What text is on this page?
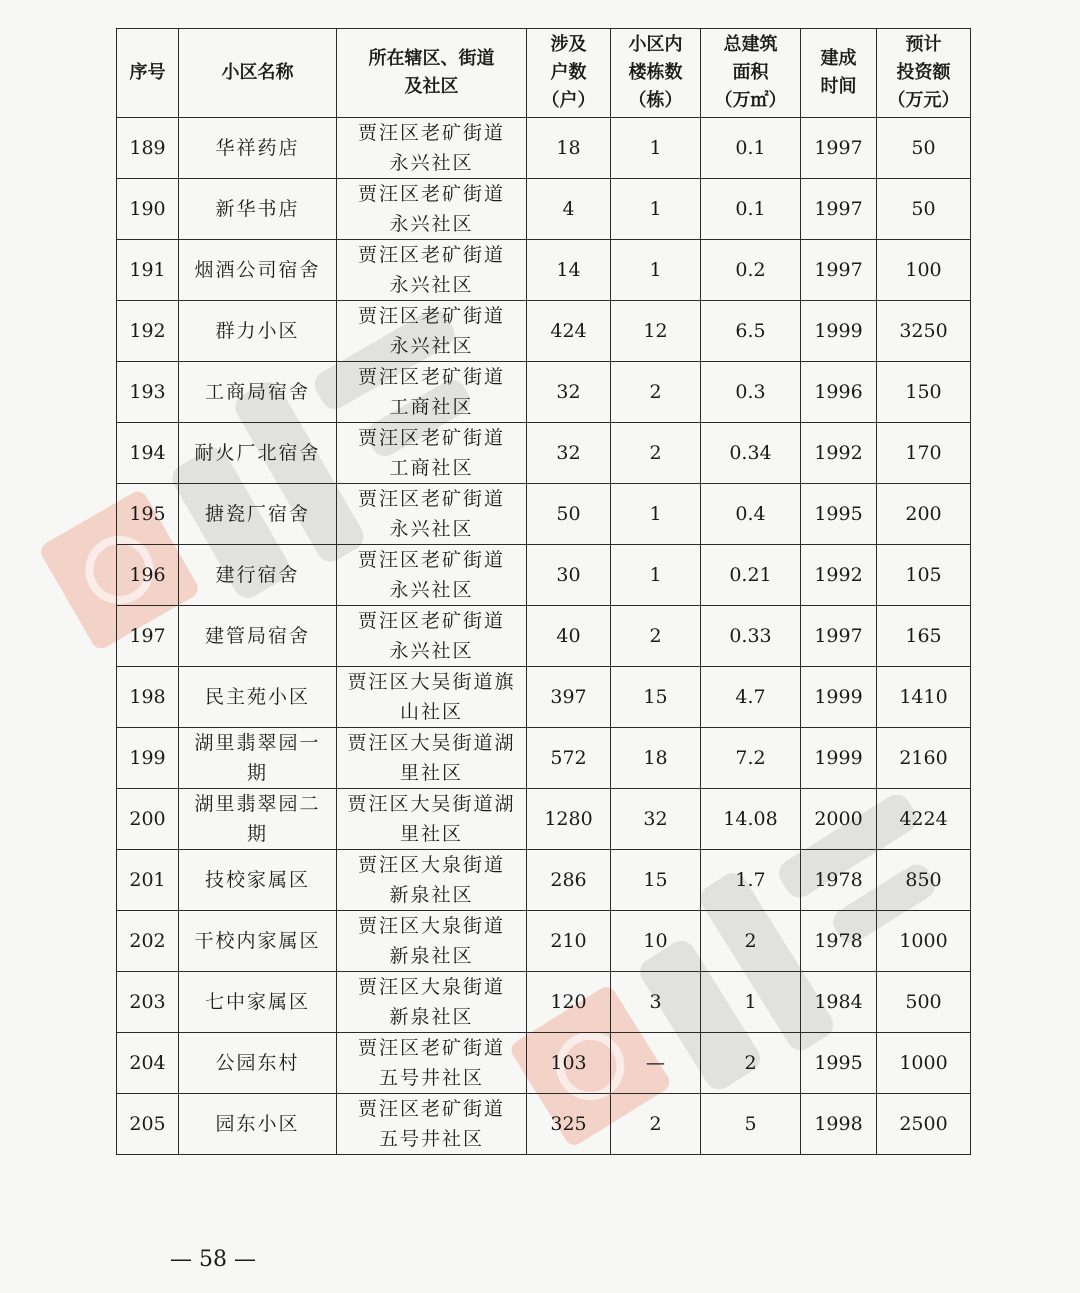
序号	小区名称	所在辖区、街道
及社区	涉及
户数
（户）	小区内
楼栋数
（栋）	总建筑
面积
（万㎡）	建成
时间	预计
投资额
（万元）
189	华祥药店	贾汪区老矿街道
永兴社区	18	1	0.1	1997	50
190	新华书店	贾汪区老矿街道
永兴社区	4	1	0.1	1997	50
191	烟酒公司宿舍	贾汪区老矿街道
永兴社区	14	1	0.2	1997	100
192	群力小区	贾汪区老矿街道
永兴社区	424	12	6.5	1999	3250
193	工商局宿舍	贾汪区老矿街道
工商社区	32	2	0.3	1996	150
194	耐火厂北宿舍	贾汪区老矿街道
工商社区	32	2	0.34	1992	170
195	搪瓷厂宿舍	贾汪区老矿街道
永兴社区	50	1	0.4	1995	200
196	建行宿舍	贾汪区老矿街道
永兴社区	30	1	0.21	1992	105
197	建管局宿舍	贾汪区老矿街道
永兴社区	40	2	0.33	1997	165
198	民主苑小区	贾汪区大吴街道旗
山社区	397	15	4.7	1999	1410
199	湖里翡翠园一
期	贾汪区大吴街道湖
里社区	572	18	7.2	1999	2160
200	湖里翡翠园二
期	贾汪区大吴街道湖
里社区	1280	32	14.08	2000	4224
201	技校家属区	贾汪区大泉街道
新泉社区	286	15	1.7	1978	850
202	干校内家属区	贾汪区大泉街道
新泉社区	210	10	2	1978	1000
203	七中家属区	贾汪区大泉街道
新泉社区	120	3	1	1984	500
204	公园东村	贾汪区老矿街道
五号井社区	103	—	2	1995	1000
205	园东小区	贾汪区老矿街道
五号井社区	325	2	5	1998	2500
— 58 —
